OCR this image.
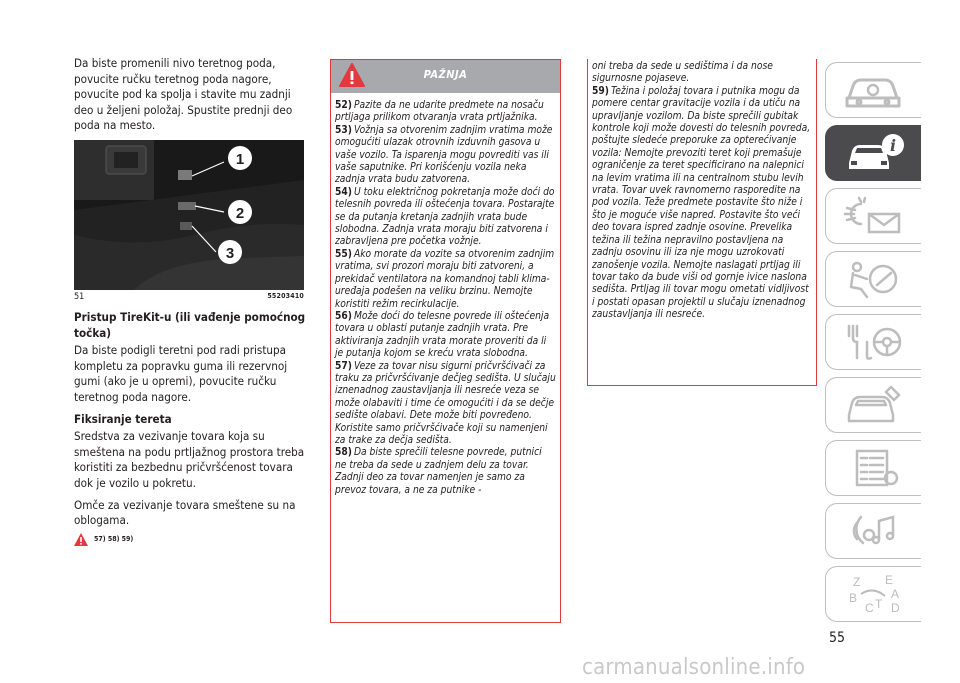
Da biste promenili nivo teretnog poda, povucite ručku teretnog poda nagore, povucite pod ka spolja i stavite mu zadnji deo u željeni položaj. Spustite prednji deo poda na mesto.

1
2
3
51	55203410
Pristup TireKit-u (ili vađenje pomoćnog točka)

Da biste podigli teretni pod radi pristupa kompletu za popravku guma ili rezervnoj gumi (ako je u opremi), povucite ručku teretnog poda nagore.

Fiksiranje tereta

Sredstva za vezivanje tovara koja su smeštena na podu prtljažnog prostora treba koristiti za bezbednu pričvršćenost tovara dok je vozilo u pokretu.

Omče za vezivanje tovara smeštene su na oblogama.

57) 58) 59)
PAŽNJA
52) Pazite da ne udarite predmete na nosaču prtljaga prilikom otvaranja vrata prtljažnika.
53) Vožnja sa otvorenim zadnjim vratima može omogućiti ulazak otrovnih izduvnih gasova u vaše vozilo. Ta isparenja mogu povrediti vas ili vaše saputnike. Pri korišćenju vozila neka zadnja vrata budu zatvorena.
54) U toku električnog pokretanja može doći do telesnih povreda ili oštećenja tovara. Postarajte se da putanja kretanja zadnjih vrata bude slobodna. Zadnja vrata moraju biti zatvorena i zabravljena pre početka vožnje.
55) Ako morate da vozite sa otvorenim zadnjim vratima, svi prozori moraju biti zatvoreni, a prekidač ventilatora na komandnoj tabli klima-uređaja podešen na veliku brzinu. Nemojte koristiti režim recirkulacije.
56) Može doći do telesne povrede ili oštećenja tovara u oblasti putanje zadnjih vrata. Pre aktiviranja zadnjih vrata morate proveriti da li je putanja kojom se kreću vrata slobodna.
57) Veze za tovar nisu sigurni pričvršćivači za traku za pričvršćivanje dečjeg sedišta. U slučaju iznenadnog zaustavljanja ili nesreće veza se može olabaviti i time će omogućiti i da se dečje sedište olabavi. Dete može biti povređeno. Koristite samo pričvršćivače koji su namenjeni za trake za dečja sedišta.
58) Da biste sprečili telesne povrede, putnici ne treba da sede u zadnjem delu za tovar. Zadnji deo za tovar namenjen je samo za prevoz tovara, a ne za putnike -
oni treba da sede u sedištima i da nose sigurnosne pojaseve.
59) Težina i položaj tovara i putnika mogu da pomere centar gravitacije vozila i da utiču na upravljanje vozilom. Da biste sprečili gubitak kontrole koji može dovesti do telesnih povreda, poštujte sledeće preporuke za opterećivanje vozila: Nemojte prevoziti teret koji premašuje ograničenje za teret specificirano na nalepnici na levim vratima ili na centralnom stubu levih vrata. Tovar uvek ravnomerno rasporedite na pod vozila. Teže predmete postavite što niže i što je moguće više napred. Postavite što veći deo tovara ispred zadnje osovine. Prevelika težina ili težina nepravilno postavljena na zadnju osovinu ili iza nje mogu uzrokovati zanošenje vozila. Nemojte naslagati prtljag ili tovar tako da bude viši od gornje ivice naslona sedišta. Prtljag ili tovar mogu ometati vidljivost i postati opasan projektil u slučaju iznenadnog zaustavljanja ili nesreće.
i
Z E
A
B
C T D
55
carmanualsonline.info
